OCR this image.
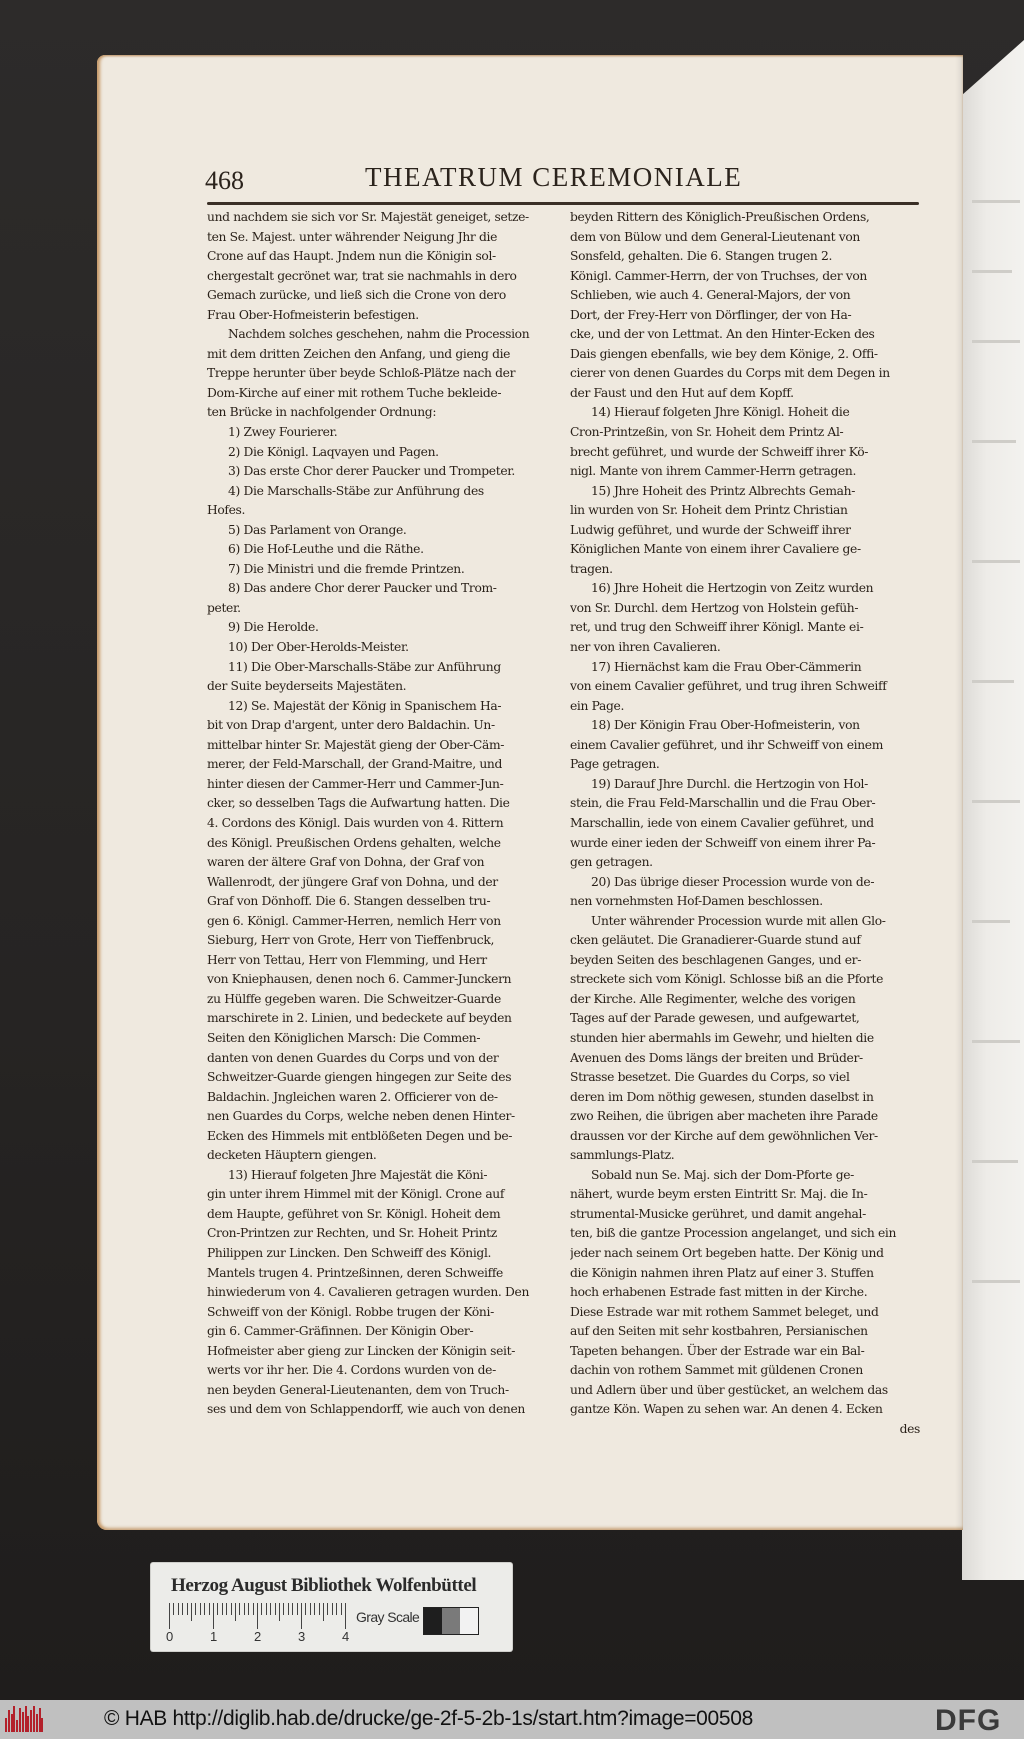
468	THEATRUM CEREMONIALE
und nachdem sie sich vor Sr. Majestät geneiget, setze-
ten Se. Majest. unter währender Neigung Jhr die
Crone auf das Haupt. Jndem nun die Königin sol-
chergestalt gecrönet war, trat sie nachmahls in dero
Gemach zurücke, und ließ sich die Crone von dero
Frau Ober-Hofmeisterin befestigen.
Nachdem solches geschehen, nahm die Procession
mit dem dritten Zeichen den Anfang, und gieng die
Treppe herunter über beyde Schloß-Plätze nach der
Dom-Kirche auf einer mit rothem Tuche bekleide-
ten Brücke in nachfolgender Ordnung:
1) Zwey Fourierer.
2) Die Königl. Laqvayen und Pagen.
3) Das erste Chor derer Paucker und Trompeter.
4) Die Marschalls-Stäbe zur Anführung des
Hofes.
5) Das Parlament von Orange.
6) Die Hof-Leuthe und die Räthe.
7) Die Ministri und die fremde Printzen.
8) Das andere Chor derer Paucker und Trom-
peter.
9) Die Herolde.
10) Der Ober-Herolds-Meister.
11) Die Ober-Marschalls-Stäbe zur Anführung
der Suite beyderseits Majestäten.
12) Se. Majestät der König in Spanischem Ha-
bit von Drap d'argent, unter dero Baldachin. Un-
mittelbar hinter Sr. Majestät gieng der Ober-Cäm-
merer, der Feld-Marschall, der Grand-Maitre, und
hinter diesen der Cammer-Herr und Cammer-Jun-
cker, so desselben Tags die Aufwartung hatten. Die
4. Cordons des Königl. Dais wurden von 4. Rittern
des Königl. Preußischen Ordens gehalten, welche
waren der ältere Graf von Dohna, der Graf von
Wallenrodt, der jüngere Graf von Dohna, und der
Graf von Dönhoff. Die 6. Stangen desselben tru-
gen 6. Königl. Cammer-Herren, nemlich Herr von
Sieburg, Herr von Grote, Herr von Tieffenbruck,
Herr von Tettau, Herr von Flemming, und Herr
von Kniephausen, denen noch 6. Cammer-Junckern
zu Hülffe gegeben waren. Die Schweitzer-Guarde
marschirete in 2. Linien, und bedeckete auf beyden
Seiten den Königlichen Marsch: Die Commen-
danten von denen Guardes du Corps und von der
Schweitzer-Guarde giengen hingegen zur Seite des
Baldachin. Jngleichen waren 2. Officierer von de-
nen Guardes du Corps, welche neben denen Hinter-
Ecken des Himmels mit entblößeten Degen und be-
decketen Häuptern giengen.
13) Hierauf folgeten Jhre Majestät die Köni-
gin unter ihrem Himmel mit der Königl. Crone auf
dem Haupte, geführet von Sr. Königl. Hoheit dem
Cron-Printzen zur Rechten, und Sr. Hoheit Printz
Philippen zur Lincken. Den Schweiff des Königl.
Mantels trugen 4. Printzeßinnen, deren Schweiffe
hinwiederum von 4. Cavalieren getragen wurden. Den
Schweiff von der Königl. Robbe trugen der Köni-
gin 6. Cammer-Gräfinnen. Der Königin Ober-
Hofmeister aber gieng zur Lincken der Königin seit-
werts vor ihr her. Die 4. Cordons wurden von de-
nen beyden General-Lieutenanten, dem von Truch-
ses und dem von Schlappendorff, wie auch von denen
beyden Rittern des Königlich-Preußischen Ordens,
dem von Bülow und dem General-Lieutenant von
Sonsfeld, gehalten. Die 6. Stangen trugen 2.
Königl. Cammer-Herrn, der von Truchses, der von
Schlieben, wie auch 4. General-Majors, der von
Dort, der Frey-Herr von Dörflinger, der von Ha-
cke, und der von Lettmat. An den Hinter-Ecken des
Dais giengen ebenfalls, wie bey dem Könige, 2. Offi-
cierer von denen Guardes du Corps mit dem Degen in
der Faust und den Hut auf dem Kopff.
14) Hierauf folgeten Jhre Königl. Hoheit die
Cron-Printzeßin, von Sr. Hoheit dem Printz Al-
brecht geführet, und wurde der Schweiff ihrer Kö-
nigl. Mante von ihrem Cammer-Herrn getragen.
15) Jhre Hoheit des Printz Albrechts Gemah-
lin wurden von Sr. Hoheit dem Printz Christian
Ludwig geführet, und wurde der Schweiff ihrer
Königlichen Mante von einem ihrer Cavaliere ge-
tragen.
16) Jhre Hoheit die Hertzogin von Zeitz wurden
von Sr. Durchl. dem Hertzog von Holstein gefüh-
ret, und trug den Schweiff ihrer Königl. Mante ei-
ner von ihren Cavalieren.
17) Hiernächst kam die Frau Ober-Cämmerin
von einem Cavalier geführet, und trug ihren Schweiff
ein Page.
18) Der Königin Frau Ober-Hofmeisterin, von
einem Cavalier geführet, und ihr Schweiff von einem
Page getragen.
19) Darauf Jhre Durchl. die Hertzogin von Hol-
stein, die Frau Feld-Marschallin und die Frau Ober-
Marschallin, iede von einem Cavalier geführet, und
wurde einer ieden der Schweiff von einem ihrer Pa-
gen getragen.
20) Das übrige dieser Procession wurde von de-
nen vornehmsten Hof-Damen beschlossen.
Unter währender Procession wurde mit allen Glo-
cken geläutet. Die Granadierer-Guarde stund auf
beyden Seiten des beschlagenen Ganges, und er-
streckete sich vom Königl. Schlosse biß an die Pforte
der Kirche. Alle Regimenter, welche des vorigen
Tages auf der Parade gewesen, und aufgewartet,
stunden hier abermahls im Gewehr, und hielten die
Avenuen des Doms längs der breiten und Brüder-
Strasse besetzet. Die Guardes du Corps, so viel
deren im Dom nöthig gewesen, stunden daselbst in
zwo Reihen, die übrigen aber macheten ihre Parade
draussen vor der Kirche auf dem gewöhnlichen Ver-
sammlungs-Platz.
Sobald nun Se. Maj. sich der Dom-Pforte ge-
nähert, wurde beym ersten Eintritt Sr. Maj. die In-
strumental-Musicke gerühret, und damit angehal-
ten, biß die gantze Procession angelanget, und sich ein
jeder nach seinem Ort begeben hatte. Der König und
die Königin nahmen ihren Platz auf einer 3. Stuffen
hoch erhabenen Estrade fast mitten in der Kirche.
Diese Estrade war mit rothem Sammet beleget, und
auf den Seiten mit sehr kostbahren, Persianischen
Tapeten behangen. Über der Estrade war ein Bal-
dachin von rothem Sammet mit güldenen Cronen
und Adlern über und über gestücket, an welchem das
gantze Kön. Wapen zu sehen war. An denen 4. Ecken
des
Herzog August Bibliothek Wolfenbüttel
0	1	2	3	4
Gray Scale
© HAB http://diglib.hab.de/drucke/ge-2f-5-2b-1s/start.htm?image=00508	DFG
